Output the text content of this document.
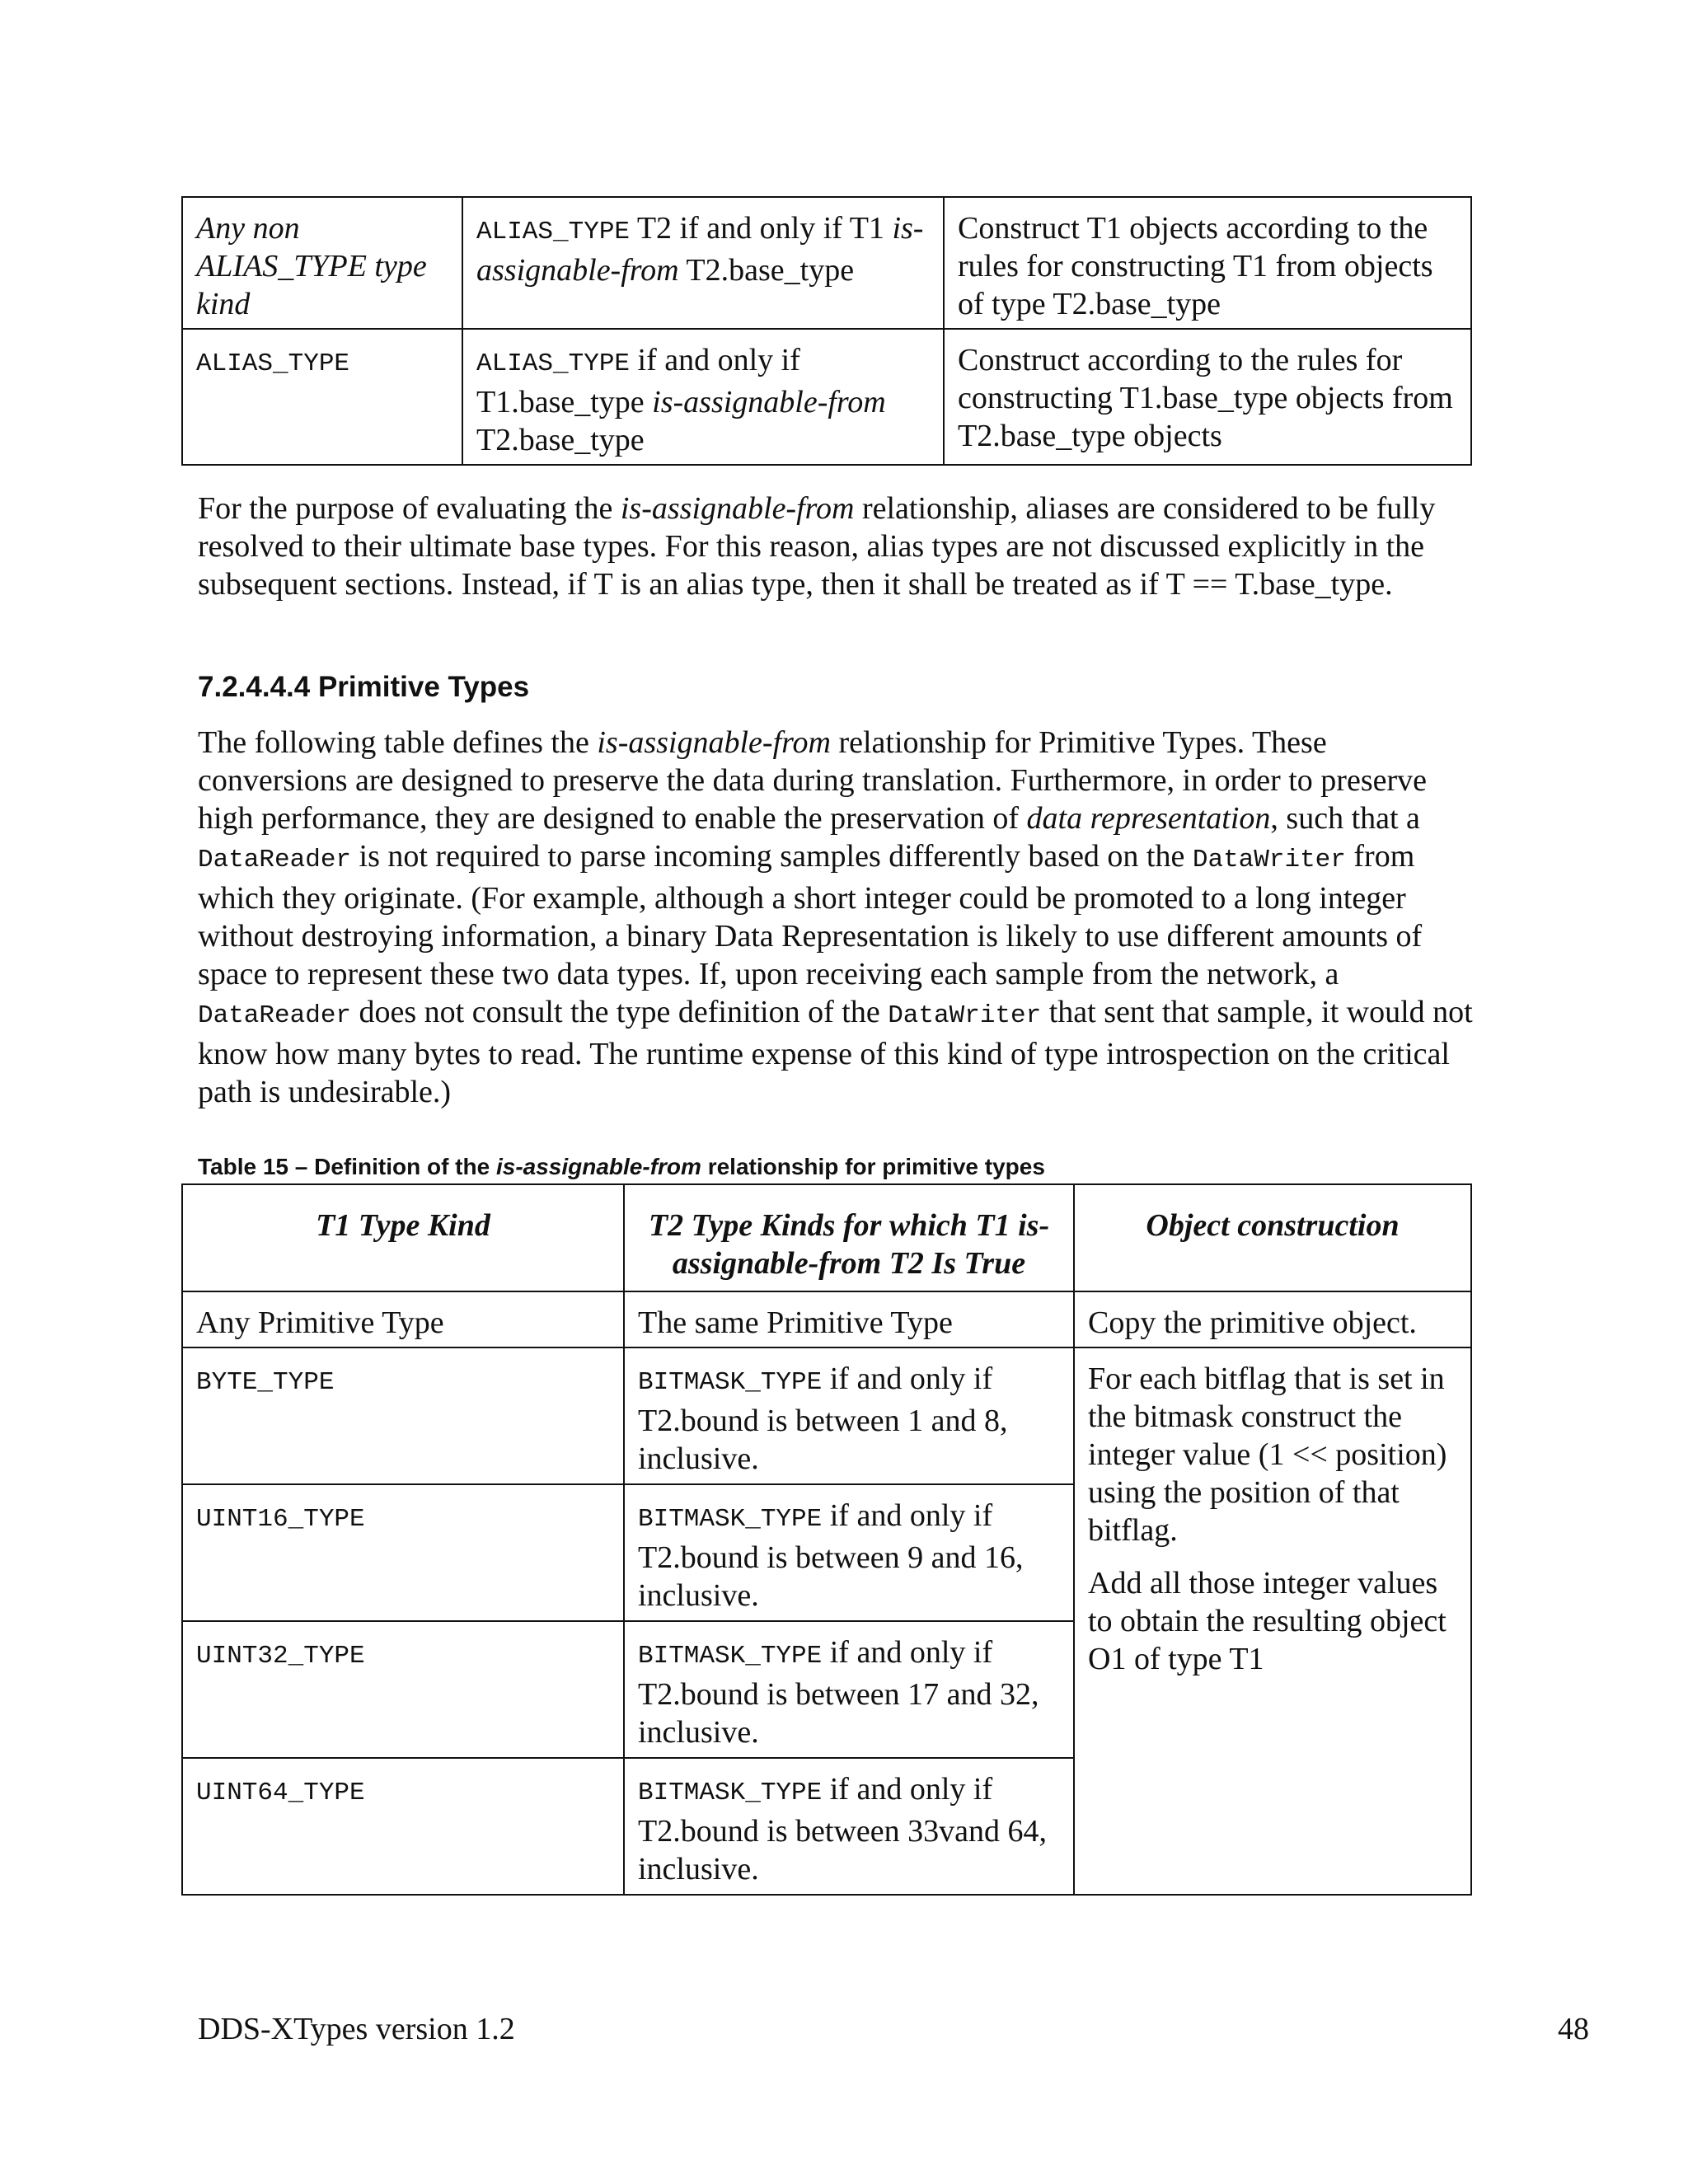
Any non ALIAS_TYPE type kind	ALIAS_TYPE T2 if and only if T1 is-assignable-from T2.base_type	Construct T1 objects according to the rules for constructing T1 from objects of type T2.base_type
ALIAS_TYPE	ALIAS_TYPE if and only if T1.base_type is-assignable-from T2.base_type	Construct according to the rules for constructing T1.base_type objects from T2.base_type objects

For the purpose of evaluating the is-assignable-from relationship, aliases are considered to be fully resolved to their ultimate base types. For this reason, alias types are not discussed explicitly in the subsequent sections. Instead, if T is an alias type, then it shall be treated as if T == T.base_type.

7.2.4.4.4 Primitive Types

The following table defines the is-assignable-from relationship for Primitive Types. These conversions are designed to preserve the data during translation. Furthermore, in order to preserve high performance, they are designed to enable the preservation of data representation, such that a DataReader is not required to parse incoming samples differently based on the DataWriter from which they originate. (For example, although a short integer could be promoted to a long integer without destroying information, a binary Data Representation is likely to use different amounts of space to represent these two data types. If, upon receiving each sample from the network, a DataReader does not consult the type definition of the DataWriter that sent that sample, it would not know how many bytes to read. The runtime expense of this kind of type introspection on the critical path is undesirable.)

Table 15 – Definition of the is-assignable-from relationship for primitive types

T1 Type Kind	T2 Type Kinds for which T1 is-assignable-from T2 Is True	Object construction
Any Primitive Type	The same Primitive Type	Copy the primitive object.
BYTE_TYPE	BITMASK_TYPE if and only if T2.bound is between 1 and 8, inclusive.	For each bitflag that is set in the bitmask construct the integer value (1 << position) using the position of that bitflag.

Add all those integer values to obtain the resulting object O1 of type T1

UINT16_TYPE	BITMASK_TYPE if and only if T2.bound is between 9 and 16, inclusive.	
UINT32_TYPE	BITMASK_TYPE if and only if T2.bound is between 17 and 32, inclusive.	
UINT64_TYPE	BITMASK_TYPE if and only if T2.bound is between 33vand 64, inclusive.	
DDS-XTypes version 1.2	48
